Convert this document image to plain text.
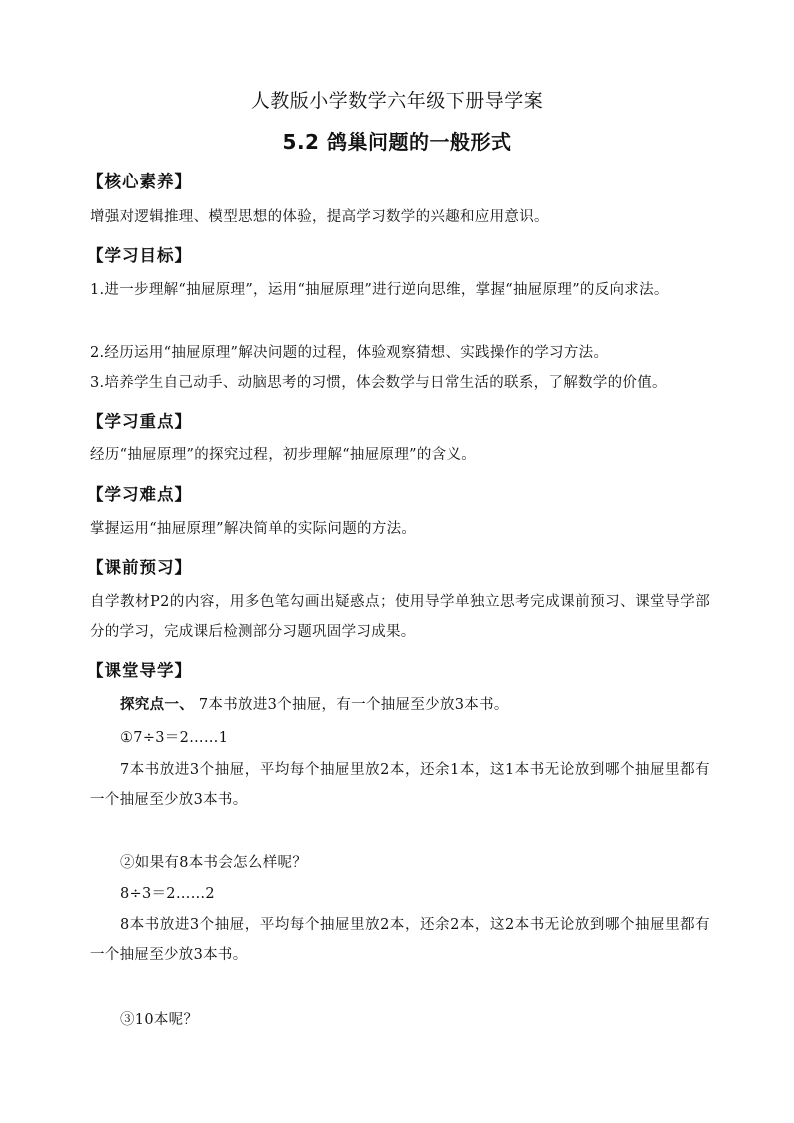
人教版小学数学六年级下册导学案
5.2 鸽巢问题的一般形式
【核心素养】
增强对逻辑推理、模型思想的体验，提高学习数学的兴趣和应用意识。
【学习目标】
1.进一步理解“抽屉原理”，运用“抽屉原理”进行逆向思维，掌握“抽屉原理”的反向求法。
2.经历运用“抽屉原理”解决问题的过程，体验观察猜想、实践操作的学习方法。
3.培养学生自己动手、动脑思考的习惯，体会数学与日常生活的联系，了解数学的价值。
【学习重点】
经历“抽屉原理”的探究过程，初步理解“抽屉原理”的含义。
【学习难点】
掌握运用“抽屉原理”解决简单的实际问题的方法。
【课前预习】
自学教材P2的内容，用多色笔勾画出疑惑点；使用导学单独立思考完成课前预习、课堂导学部分的学习，完成课后检测部分习题巩固学习成果。
【课堂导学】
探究点一、 7本书放进3个抽屉，有一个抽屉至少放3本书。
①7÷3＝2……1
7本书放进3个抽屉，平均每个抽屉里放2本，还余1本，这1本书无论放到哪个抽屉里都有一个抽屉至少放3本书。
②如果有8本书会怎么样呢？
8÷3＝2……2
8本书放进3个抽屉，平均每个抽屉里放2本，还余2本，这2本书无论放到哪个抽屉里都有一个抽屉至少放3本书。
③10本呢？
